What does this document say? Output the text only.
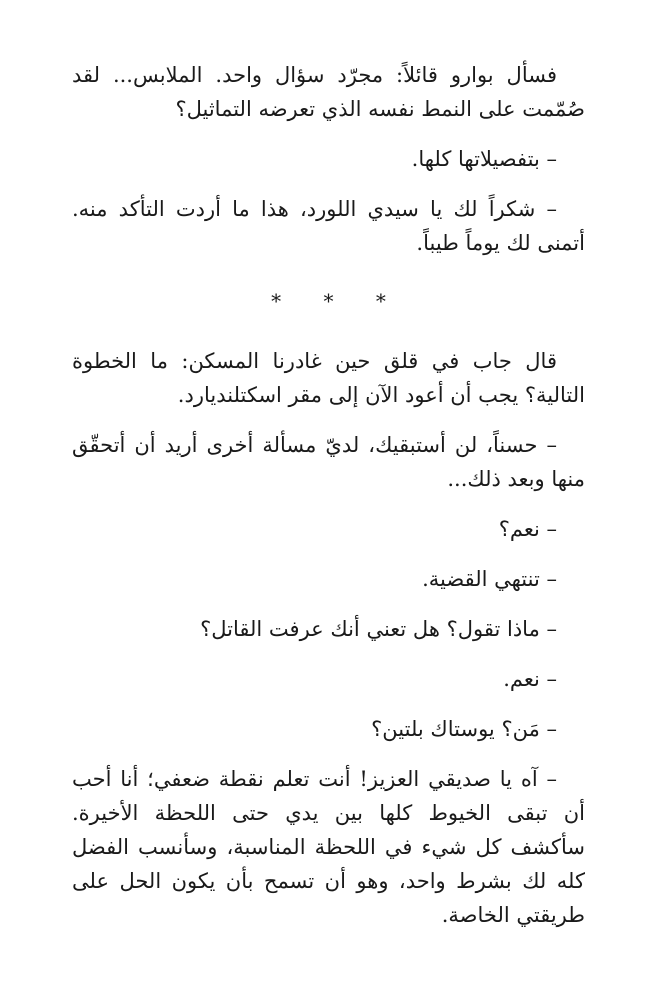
فسأل بوارو قائلاً: مجرّد سؤال واحد. الملابس... لقد صُمّمت على النمط نفسه الذي تعرضه التماثيل؟

– بتفصيلاتها كلها.

– شكراً لك يا سيدي اللورد، هذا ما أردت التأكد منه. أتمنى لك يوماً طيباً.

* * *

قال جاب في قلق حين غادرنا المسكن: ما الخطوة التالية؟ يجب أن أعود الآن إلى مقر اسكتلنديارد.

– حسناً، لن أستبقيك، لديّ مسألة أخرى أريد أن أتحقّق منها وبعد ذلك...

– نعم؟

– تنتهي القضية.

– ماذا تقول؟ هل تعني أنك عرفت القاتل؟

– نعم.

– مَن؟ يوستاك بلتين؟

– آه يا صديقي العزيز! أنت تعلم نقطة ضعفي؛ أنا أحب أن تبقى الخيوط كلها بين يدي حتى اللحظة الأخيرة. سأكشف كل شيء في اللحظة المناسبة، وسأنسب الفضل كله لك بشرط واحد، وهو أن تسمح بأن يكون الحل على طريقتي الخاصة.
